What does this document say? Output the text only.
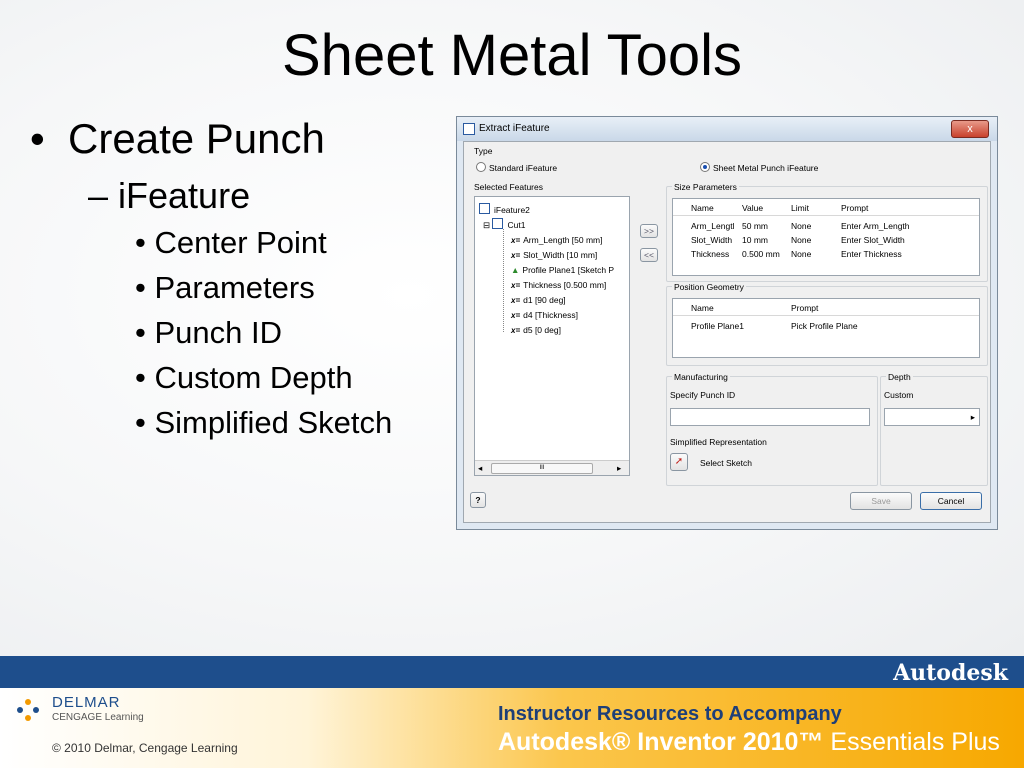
Sheet Metal Tools
•  Create Punch
– iFeature
• Center Point
• Parameters
• Punch ID
• Custom Depth
• Simplified Sketch
Extract iFeature	x
Type
Standard iFeature	Sheet Metal Punch iFeature
Selected Features
iFeature2
⊟ Cut1
x= Arm_Length [50 mm]
x= Slot_Width [10 mm]
▲ Profile Plane1 [Sketch P
x= Thickness [0.500 mm]
x= d1 [90 deg]
x= d4 [Thickness]
x= d5 [0 deg]
◂	III	▸
>>
<<
Size Parameters
Name	Value	Limit	Prompt
Arm_Lengtl 50 mm	None	Enter Arm_Length
Slot_Width 10 mm	None	Enter Slot_Width
Thickness 0.500 mm None	Enter Thickness
Position Geometry
Name	Prompt
Profile Plane1	Pick Profile Plane
Manufacturing
Specify Punch ID
Simplified Representation
➚	Select Sketch
Depth
Custom
▸
?	Save	Cancel
Autodesk
DELMAR
CENGAGE Learning
© 2010 Delmar, Cengage Learning
Instructor Resources to Accompany
Autodesk® Inventor 2010™ Essentials Plus
